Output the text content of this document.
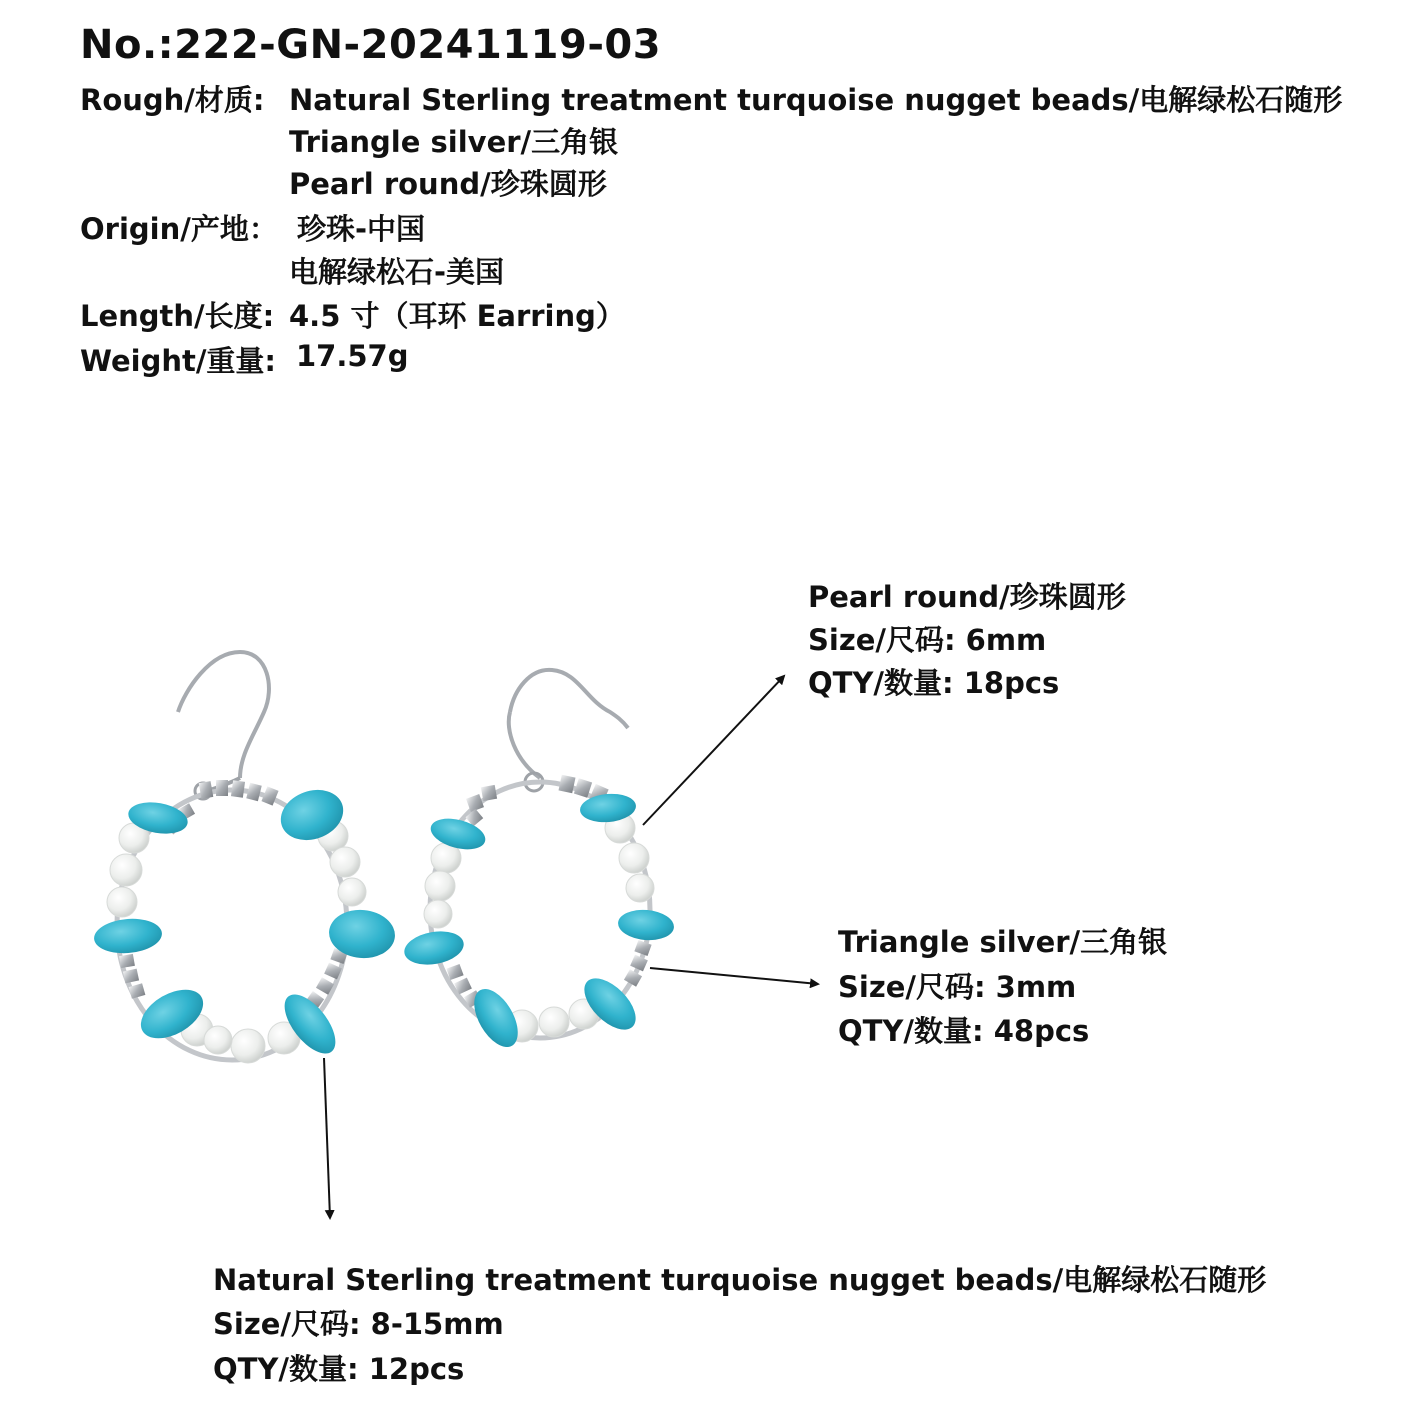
No.:222-GN-20241119-03
Rough/材质: Natural Sterling treatment turquoise nugget beads/电解绿松石随形
Triangle silver/三角银
Pearl round/珍珠圆形
Origin/产地： 珍珠-中国
电解绿松石-美国
Length/长度: 4.5 寸（耳环 Earring）
Weight/重量: 17.57g
Pearl round/珍珠圆形
Size/尺码: 6mm
QTY/数量: 18pcs
Triangle silver/三角银
Size/尺码: 3mm
QTY/数量: 48pcs
Natural Sterling treatment turquoise nugget beads/电解绿松石随形
Size/尺码: 8-15mm
QTY/数量: 12pcs
